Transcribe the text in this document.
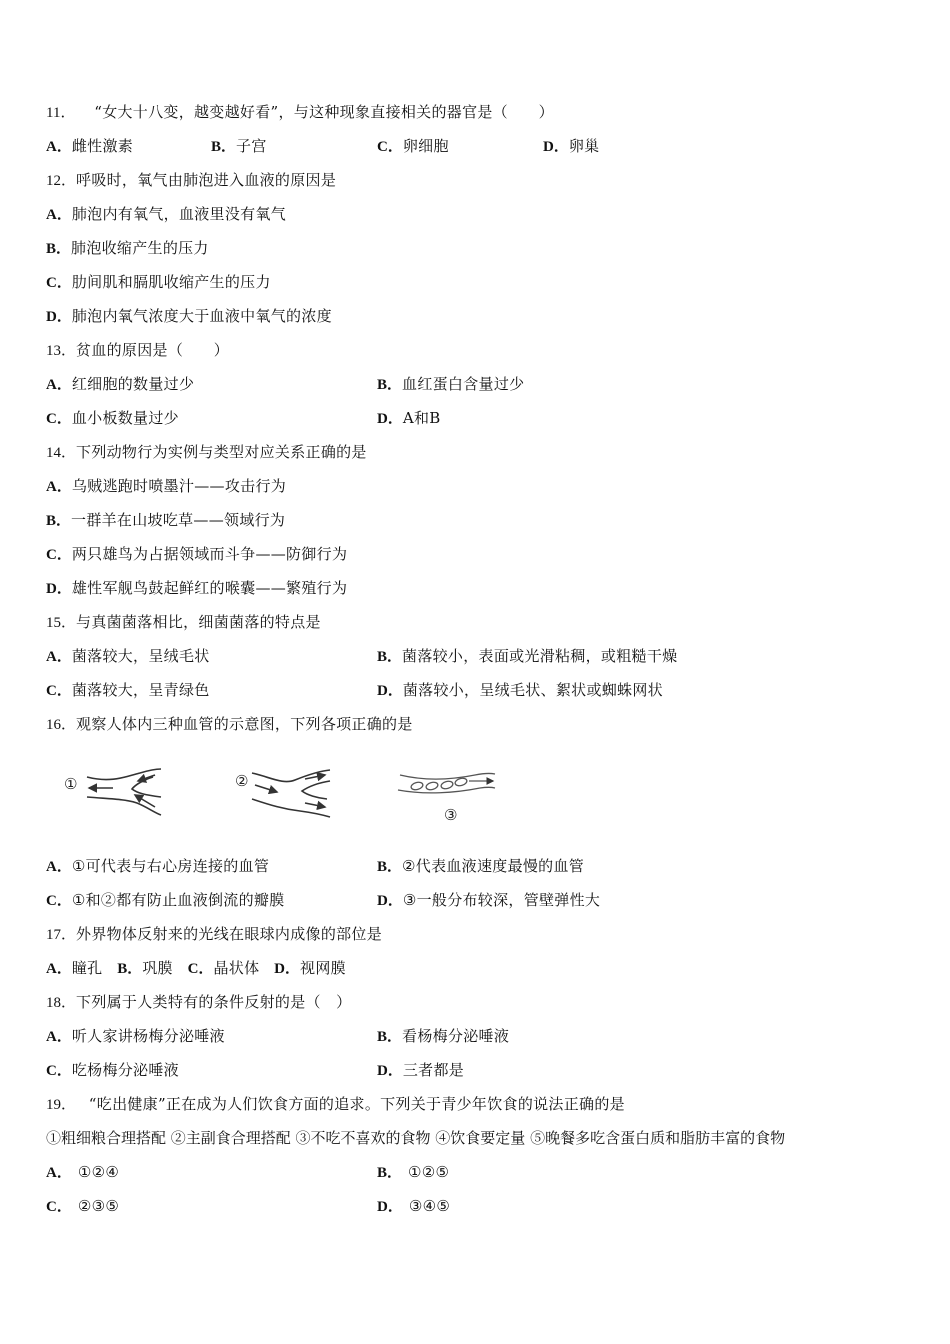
11． “女大十八变，越变越好看”，与这种现象直接相关的器官是（　　）
A．雌性激素	B．子宫	C．卵细胞	D．卵巢
12．呼吸时，氧气由肺泡进入血液的原因是
A．肺泡内有氧气，血液里没有氧气
B．肺泡收缩产生的压力
C．肋间肌和膈肌收缩产生的压力
D．肺泡内氧气浓度大于血液中氧气的浓度
13．贫血的原因是（　　）
A．红细胞的数量过少	B．血红蛋白含量过少
C．血小板数量过少	D．A和B
14．下列动物行为实例与类型对应关系正确的是
A．乌贼逃跑时喷墨汁——攻击行为
B．一群羊在山坡吃草——领域行为
C．两只雄鸟为占据领域而斗争——防御行为
D．雄性军舰鸟鼓起鲜红的喉囊——繁殖行为
15．与真菌菌落相比，细菌菌落的特点是
A．菌落较大，呈绒毛状	B．菌落较小，表面或光滑粘稠，或粗糙干燥
C．菌落较大，呈青绿色	D．菌落较小，呈绒毛状、絮状或蜘蛛网状
16．观察人体内三种血管的示意图，下列各项正确的是
①	②
③
A．①可代表与右心房连接的血管	B．②代表血液速度最慢的血管
C．①和②都有防止血液倒流的瓣膜	D．③一般分布较深，管壁弹性大
17．外界物体反射来的光线在眼球内成像的部位是
A．瞳孔 B．巩膜 C．晶状体 D．视网膜
18．下列属于人类特有的条件反射的是（　）
A．听人家讲杨梅分泌唾液	B．看杨梅分泌唾液
C．吃杨梅分泌唾液	D．三者都是
19． “吃出健康”正在成为人们饮食方面的追求。下列关于青少年饮食的说法正确的是
①粗细粮合理搭配 ②主副食合理搭配 ③不吃不喜欢的食物 ④饮食要定量 ⑤晚餐多吃含蛋白质和脂肪丰富的食物
A． ①②④	B． ①②⑤
C． ②③⑤	D． ③④⑤
